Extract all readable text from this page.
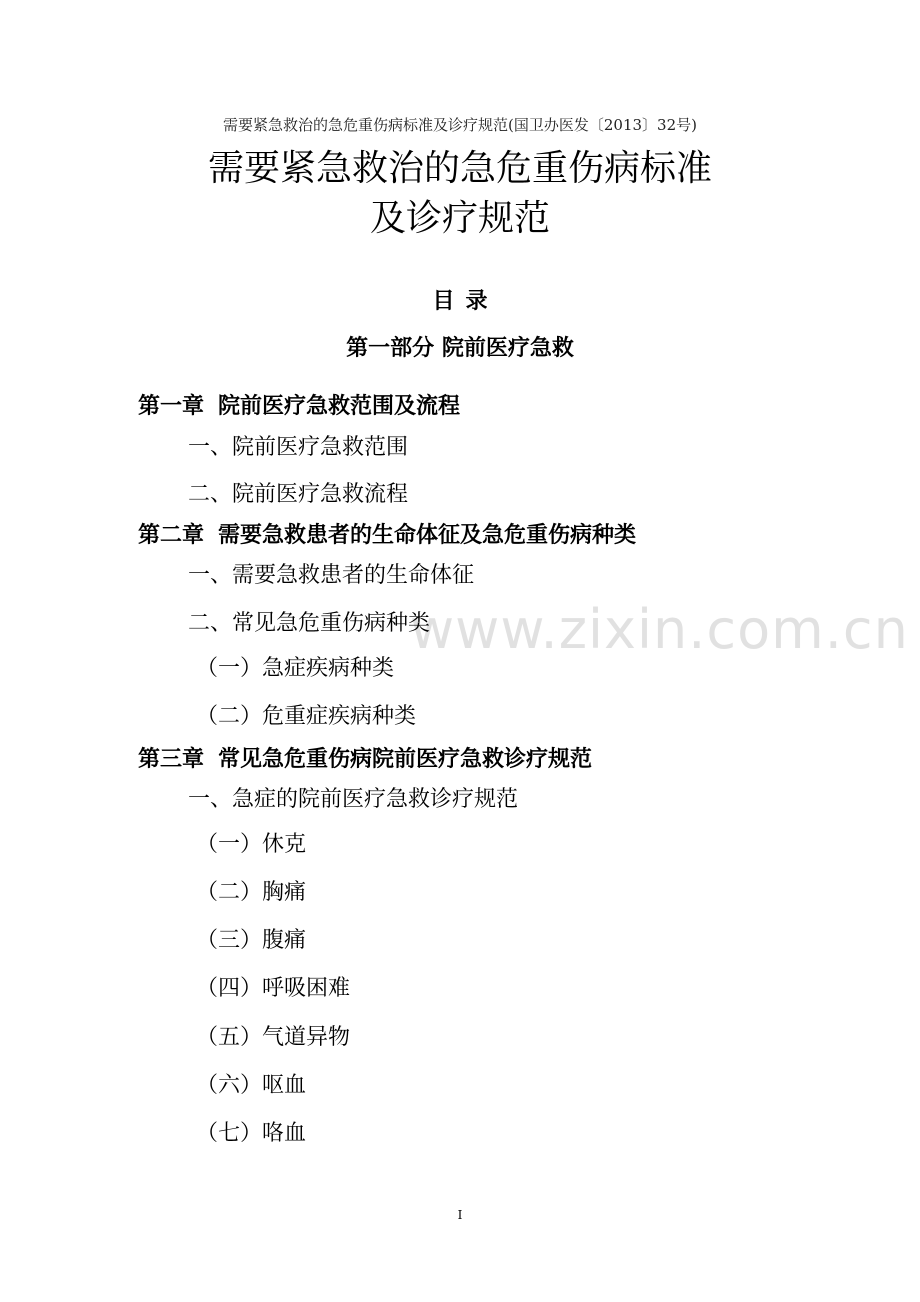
需要紧急救治的急危重伤病标准及诊疗规范(国卫办医发〔2013〕32号)
需要紧急救治的急危重伤病标准
及诊疗规范
目录
第一部分 院前医疗急救
www.zixin.com.cn
第一章 院前医疗急救范围及流程
一、院前医疗急救范围
二、院前医疗急救流程
第二章 需要急救患者的生命体征及急危重伤病种类
一、需要急救患者的生命体征
二、常见急危重伤病种类
（一）急症疾病种类
（二）危重症疾病种类
第三章 常见急危重伤病院前医疗急救诊疗规范
一、急症的院前医疗急救诊疗规范
（一）休克
（二）胸痛
（三）腹痛
（四）呼吸困难
（五）气道异物
（六）呕血
（七）咯血
I
